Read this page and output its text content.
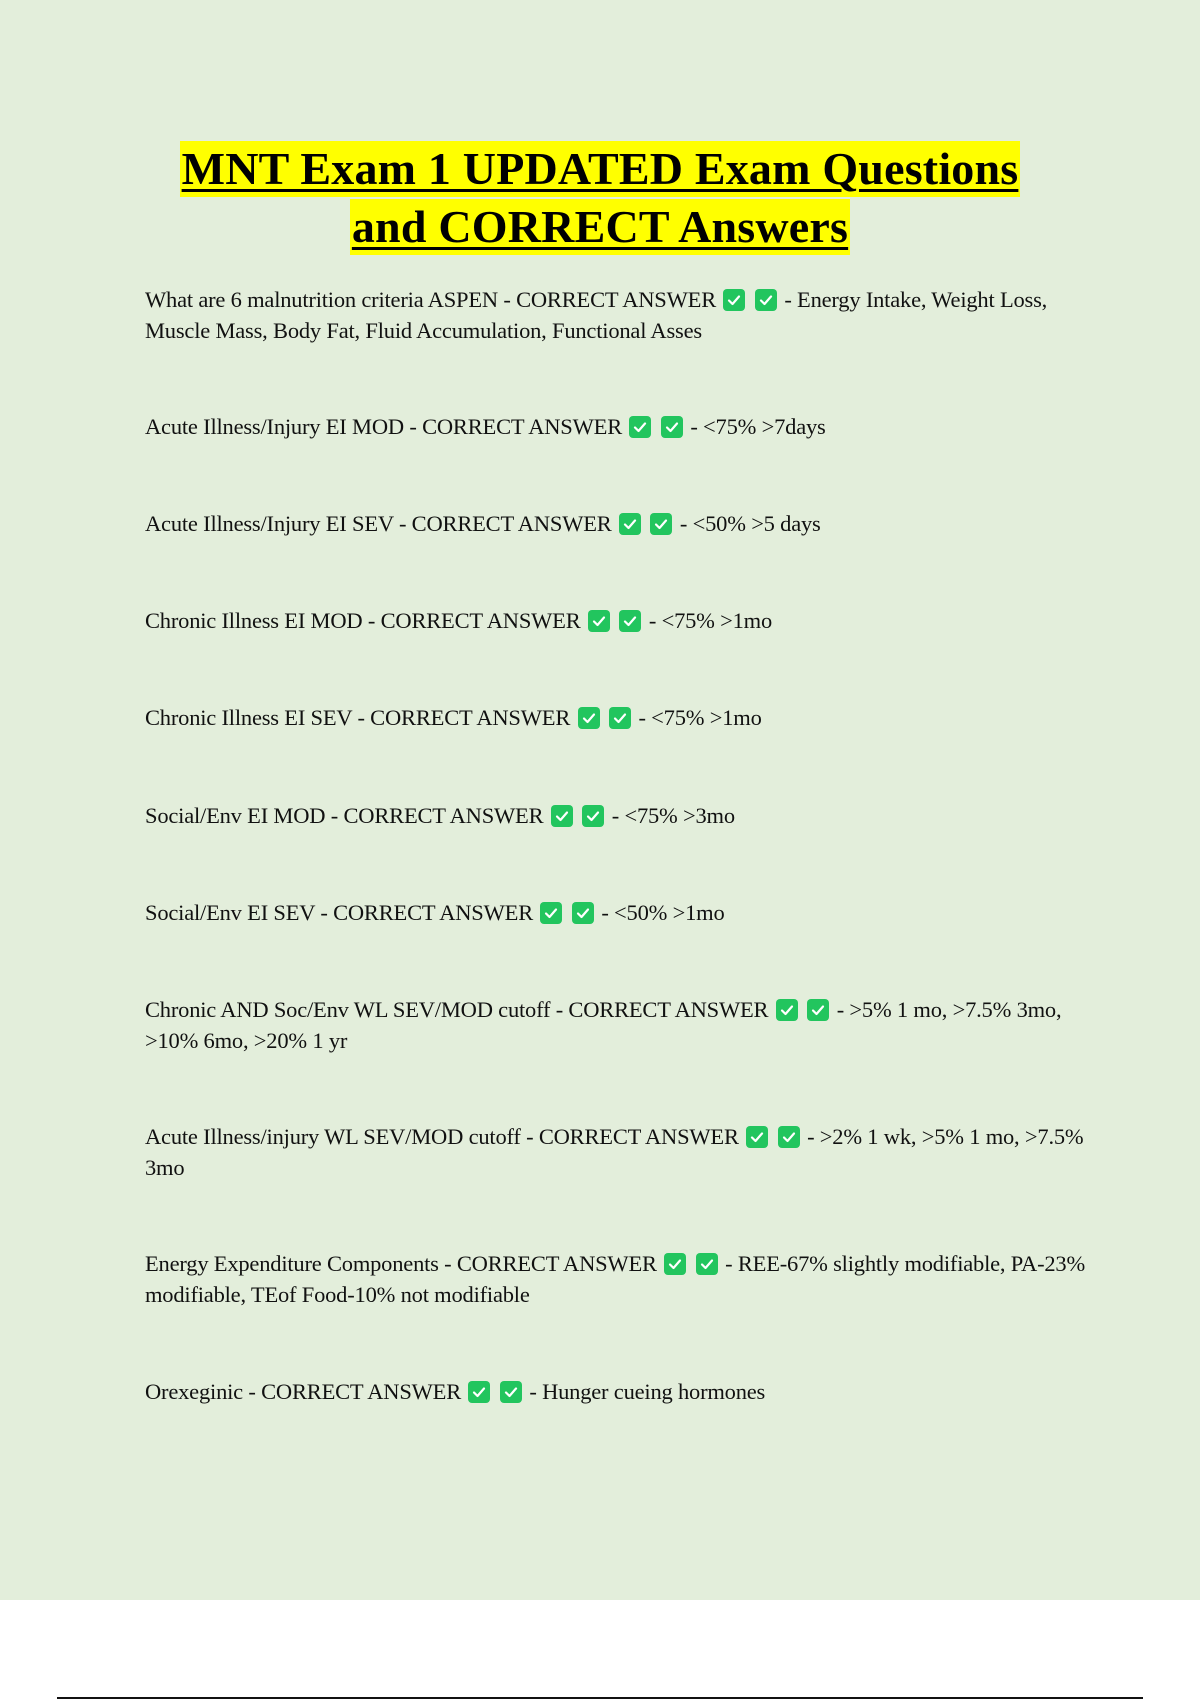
MNT Exam 1 UPDATED Exam Questions
and CORRECT Answers
What are 6 malnutrition criteria ASPEN - CORRECT ANSWER
	- Energy Intake, Weight Loss, Muscle Mass, Body Fat, Fluid Accumulation, Functional Asses
Acute Illness/Injury EI MOD - CORRECT ANSWER
	- <75% >7days
Acute Illness/Injury EI SEV - CORRECT ANSWER
	- <50% >5 days
Chronic Illness EI MOD - CORRECT ANSWER
	- <75% >1mo
Chronic Illness EI SEV - CORRECT ANSWER
	- <75% >1mo
Social/Env EI MOD - CORRECT ANSWER
	- <75% >3mo
Social/Env EI SEV - CORRECT ANSWER
	- <50% >1mo
Chronic AND Soc/Env WL SEV/MOD cutoff - CORRECT ANSWER
	- >5% 1 mo, >7.5% 3mo, >10% 6mo, >20% 1 yr
Acute Illness/injury WL SEV/MOD cutoff - CORRECT ANSWER
	- >2% 1 wk, >5% 1 mo, >7.5% 3mo
Energy Expenditure Components - CORRECT ANSWER
	- REE-67% slightly modifiable, PA-23% modifiable, TEof Food-10% not modifiable
Orexeginic - CORRECT ANSWER
	- Hunger cueing hormones
